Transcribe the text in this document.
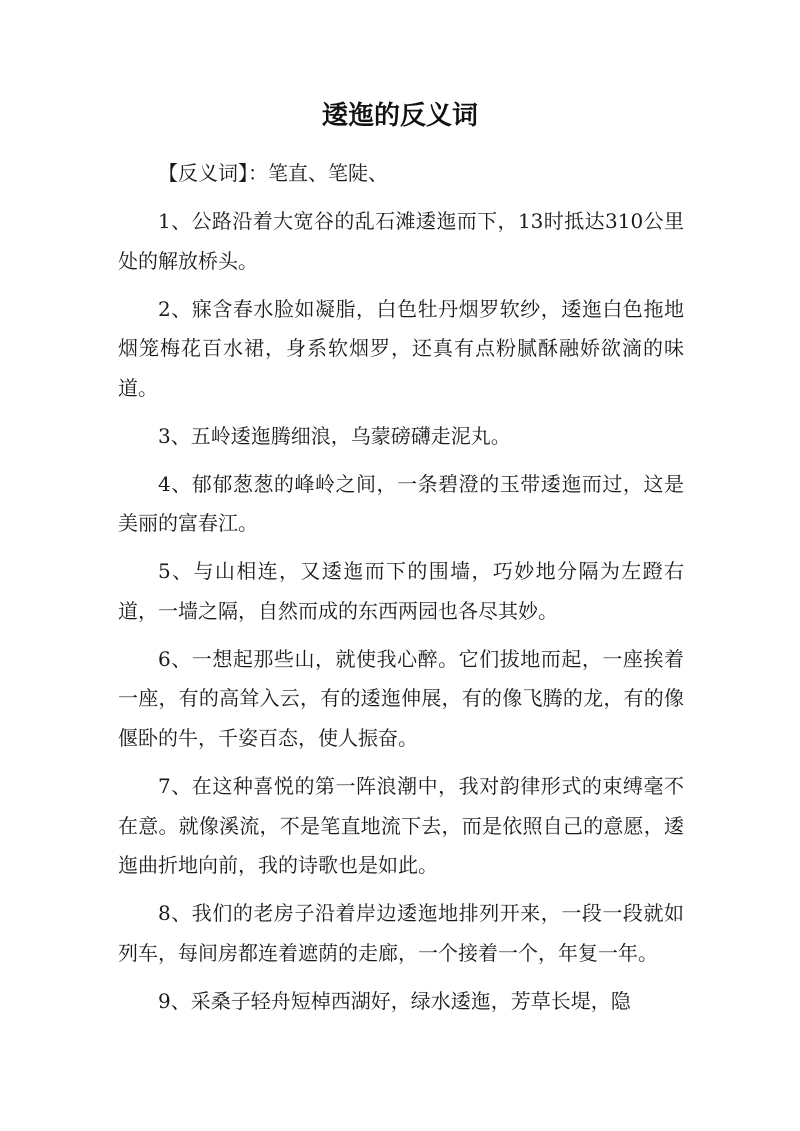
逶迤的反义词

【反义词】：笔直、笔陡、

1、公路沿着大宽谷的乱石滩逶迤而下，13时抵达310公里处的解放桥头。

2、寐含春水脸如凝脂，白色牡丹烟罗软纱，逶迤白色拖地烟笼梅花百水裙，身系软烟罗，还真有点粉腻酥融娇欲滴的味道。

3、五岭逶迤腾细浪，乌蒙磅礴走泥丸。

4、郁郁葱葱的峰岭之间，一条碧澄的玉带逶迤而过，这是美丽的富春江。

5、与山相连，又逶迤而下的围墙，巧妙地分隔为左蹬右道，一墙之隔，自然而成的东西两园也各尽其妙。

6、一想起那些山，就使我心醉。它们拔地而起，一座挨着一座，有的高耸入云，有的逶迤伸展，有的像飞腾的龙，有的像偃卧的牛，千姿百态，使人振奋。

7、在这种喜悦的第一阵浪潮中，我对韵律形式的束缚毫不在意。就像溪流，不是笔直地流下去，而是依照自己的意愿，逶迤曲折地向前，我的诗歌也是如此。

8、我们的老房子沿着岸边逶迤地排列开来，一段一段就如列车，每间房都连着遮荫的走廊，一个接着一个，年复一年。

9、采桑子轻舟短棹西湖好，绿水逶迤，芳草长堤，隐
